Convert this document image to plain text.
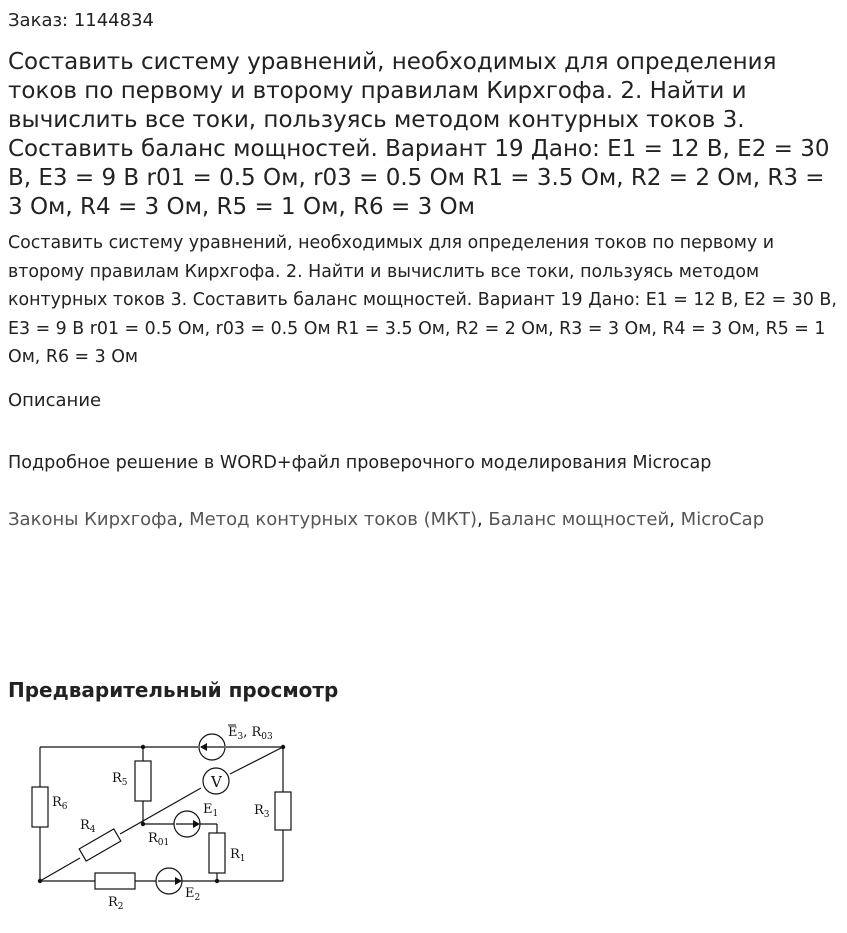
Заказ: 1144834
Составить систему уравнений, необходимых для определения токов по первому и второму правилам Кирхгофа. 2. Найти и вычислить все токи, пользуясь методом контурных токов 3. Составить баланс мощностей. Вариант 19 Дано: E1 = 12 В, E2 = 30 В, E3 = 9 В r01 = 0.5 Ом, r03 = 0.5 Ом R1 = 3.5 Ом, R2 = 2 Ом, R3 = 3 Ом, R4 = 3 Ом, R5 = 1 Ом, R6 = 3 Ом
Составить систему уравнений, необходимых для определения токов по первому и второму правилам Кирхгофа. 2. Найти и вычислить все токи, пользуясь методом контурных токов 3. Составить баланс мощностей. Вариант 19 Дано: E1 = 12 В, E2 = 30 В, E3 = 9 В r01 = 0.5 Ом, r03 = 0.5 Ом R1 = 3.5 Ом, R2 = 2 Ом, R3 = 3 Ом, R4 = 3 Ом, R5 = 1 Ом, R6 = 3 Ом
Описание
Подробное решение в WORD+файл проверочного моделирования Microcap
Законы Кирхгофа, Метод контурных токов (МКТ), Баланс мощностей, MicroCap
Предварительный просмотр
V
$R_6$
$R_5$
$R_4$
$R_{01}$
$E_1$
$R_1$
$R_3$
$R_2$
$E_2$
$E_3$, $R_{03}$
